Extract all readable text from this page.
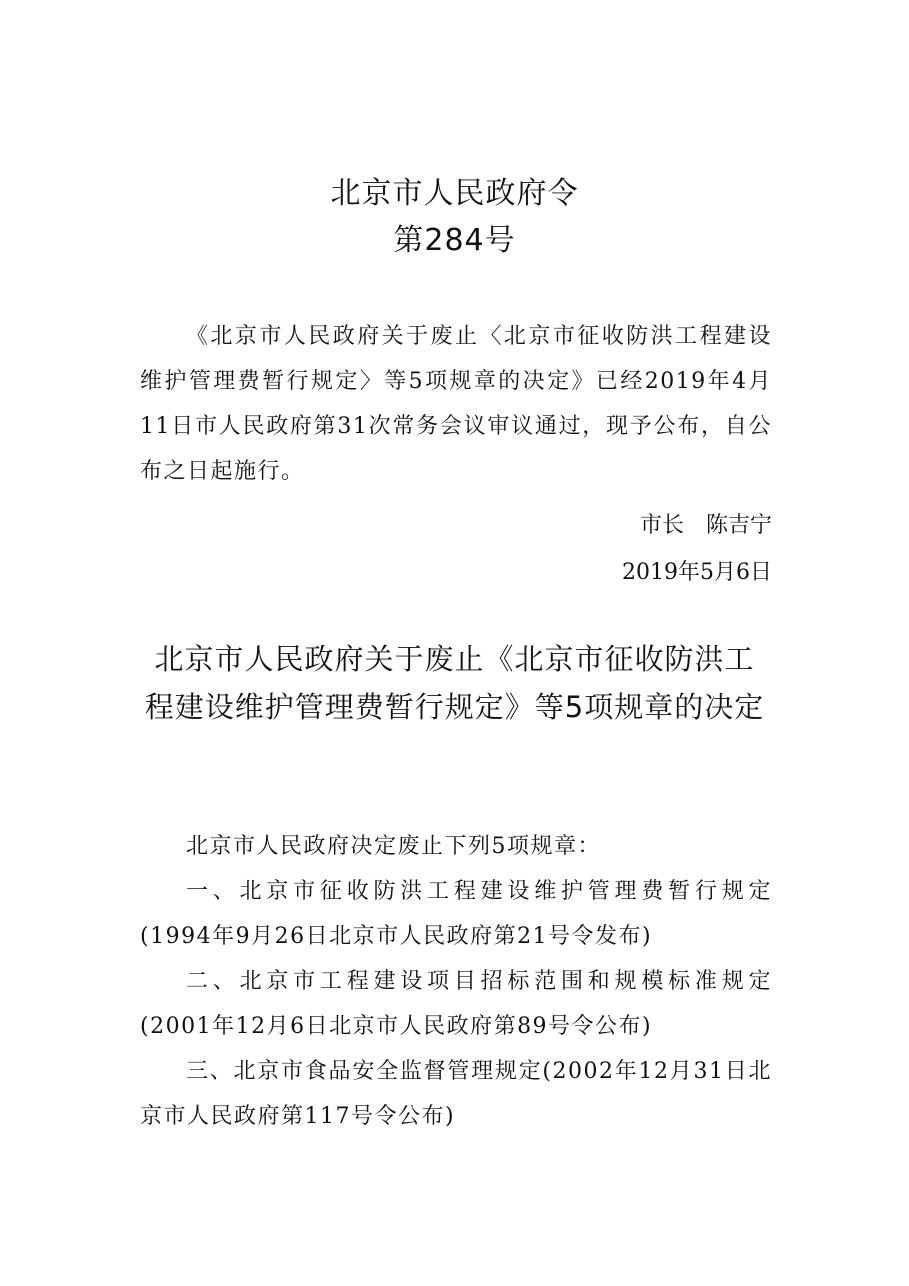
北京市人民政府令
第284号
《北京市人民政府关于废止〈北京市征收防洪工程建设维护管理费暂行规定〉等5项规章的决定》已经2019年4月11日市人民政府第31次常务会议审议通过，现予公布，自公布之日起施行。
市长　陈吉宁
2019年5月6日
北京市人民政府关于废止《北京市征收防洪工程建设维护管理费暂行规定》等5项规章的决定

北京市人民政府决定废止下列5项规章：

一、北京市征收防洪工程建设维护管理费暂行规定(1994年9月26日北京市人民政府第21号令发布)

二、北京市工程建设项目招标范围和规模标准规定(2001年12月6日北京市人民政府第89号令公布)

三、北京市食品安全监督管理规定(2002年12月31日北京市人民政府第117号令公布)
